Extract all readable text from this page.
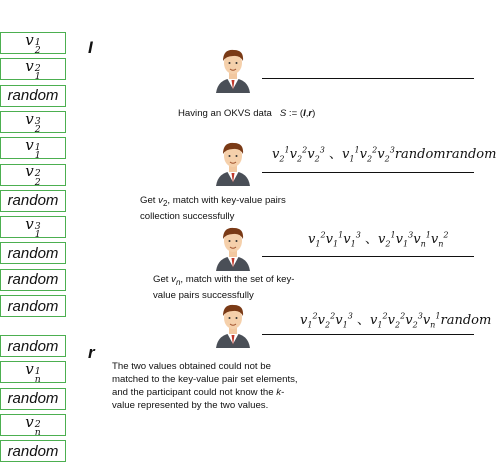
v 1
2
v 2
1
random
v 3
2
v 1
1
v 2
2
random
v 3
1
random
random
random
random
v 1
n
random
v 2
n
random
I
r
Having an OKVS data   S := (I,r)
Get $v_2$, match with key-value pairs
collection successfully
Get $v_n$, match with the set of key-
value pairs successfully
The two values obtained could not be
matched to the key-value pair set elements,
and the participant could not know the k-
value represented by the two values.
$v_2^1v_2^2v_2^3$ 、$v_1^1v_2^2v_2^3randomrandom$
$v_1^2v_1^1v_1^3$ 、$v_2^1v_1^3v_n^1v_n^2$
$v_1^2v_2^2v_1^3$ 、$v_1^2v_2^2v_2^3v_n^1random$
